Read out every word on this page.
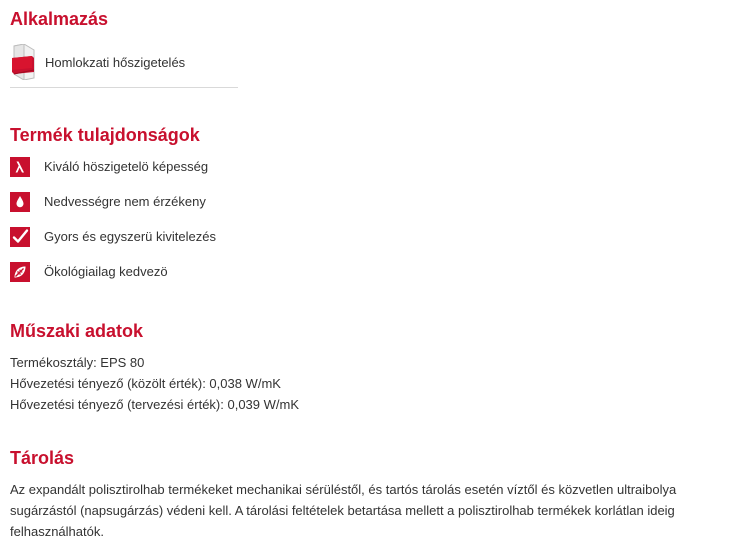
Alkalmazás
Homlokzati hőszigetelés
Termék tulajdonságok
Kiváló höszigetelö képesség
Nedvességre nem érzékeny
Gyors és egyszerü kivitelezés
Ökológiailag kedvezö
Műszaki adatok
Termékosztály: EPS 80
Hővezetési tényező (közölt érték): 0,038 W/mK
Hővezetési tényező (tervezési érték): 0,039 W/mK
Tárolás

Az expandált polisztirolhab termékeket mechanikai sérüléstől, és tartós tárolás esetén víztől és közvetlen ultraibolya sugárzástól (napsugárzás) védeni kell. A tárolási feltételek betartása mellett a polisztirolhab termékek korlátlan ideig felhasználhatók.
